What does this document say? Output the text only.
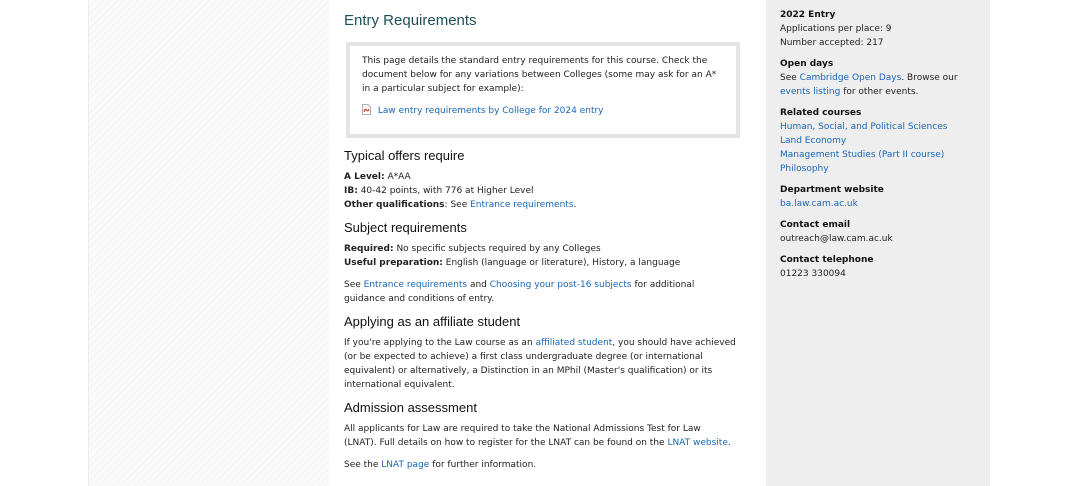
Entry Requirements

This page details the standard entry requirements for this course. Check the document below for any variations between Colleges (some may ask for an A* in a particular subject for example):

Law entry requirements by College for 2024 entry

Typical offers require

A Level: A*AA
IB: 40-42 points, with 776 at Higher Level
Other qualifications: See Entrance requirements.

Subject requirements

Required: No specific subjects required by any Colleges
Useful preparation: English (language or literature), History, a language

See Entrance requirements and Choosing your post-16 subjects for additional guidance and conditions of entry.

Applying as an affiliate student

If you're applying to the Law course as an affiliated student, you should have achieved (or be expected to achieve) a first class undergraduate degree (or international equivalent) or alternatively, a Distinction in an MPhil (Master's qualification) or its international equivalent.

Admission assessment

All applicants for Law are required to take the National Admissions Test for Law (LNAT). Full details on how to register for the LNAT can be found on the LNAT website.

See the LNAT page for further information.

2022 Entry
Applications per place: 9
Number accepted: 217
Open days
See Cambridge Open Days. Browse our events listing for other events.
Related courses
Human, Social, and Political Sciences
Land Economy
Management Studies (Part II course)
Philosophy
Department website
ba.law.cam.ac.uk
Contact email
outreach@law.cam.ac.uk
Contact telephone
01223 330094
